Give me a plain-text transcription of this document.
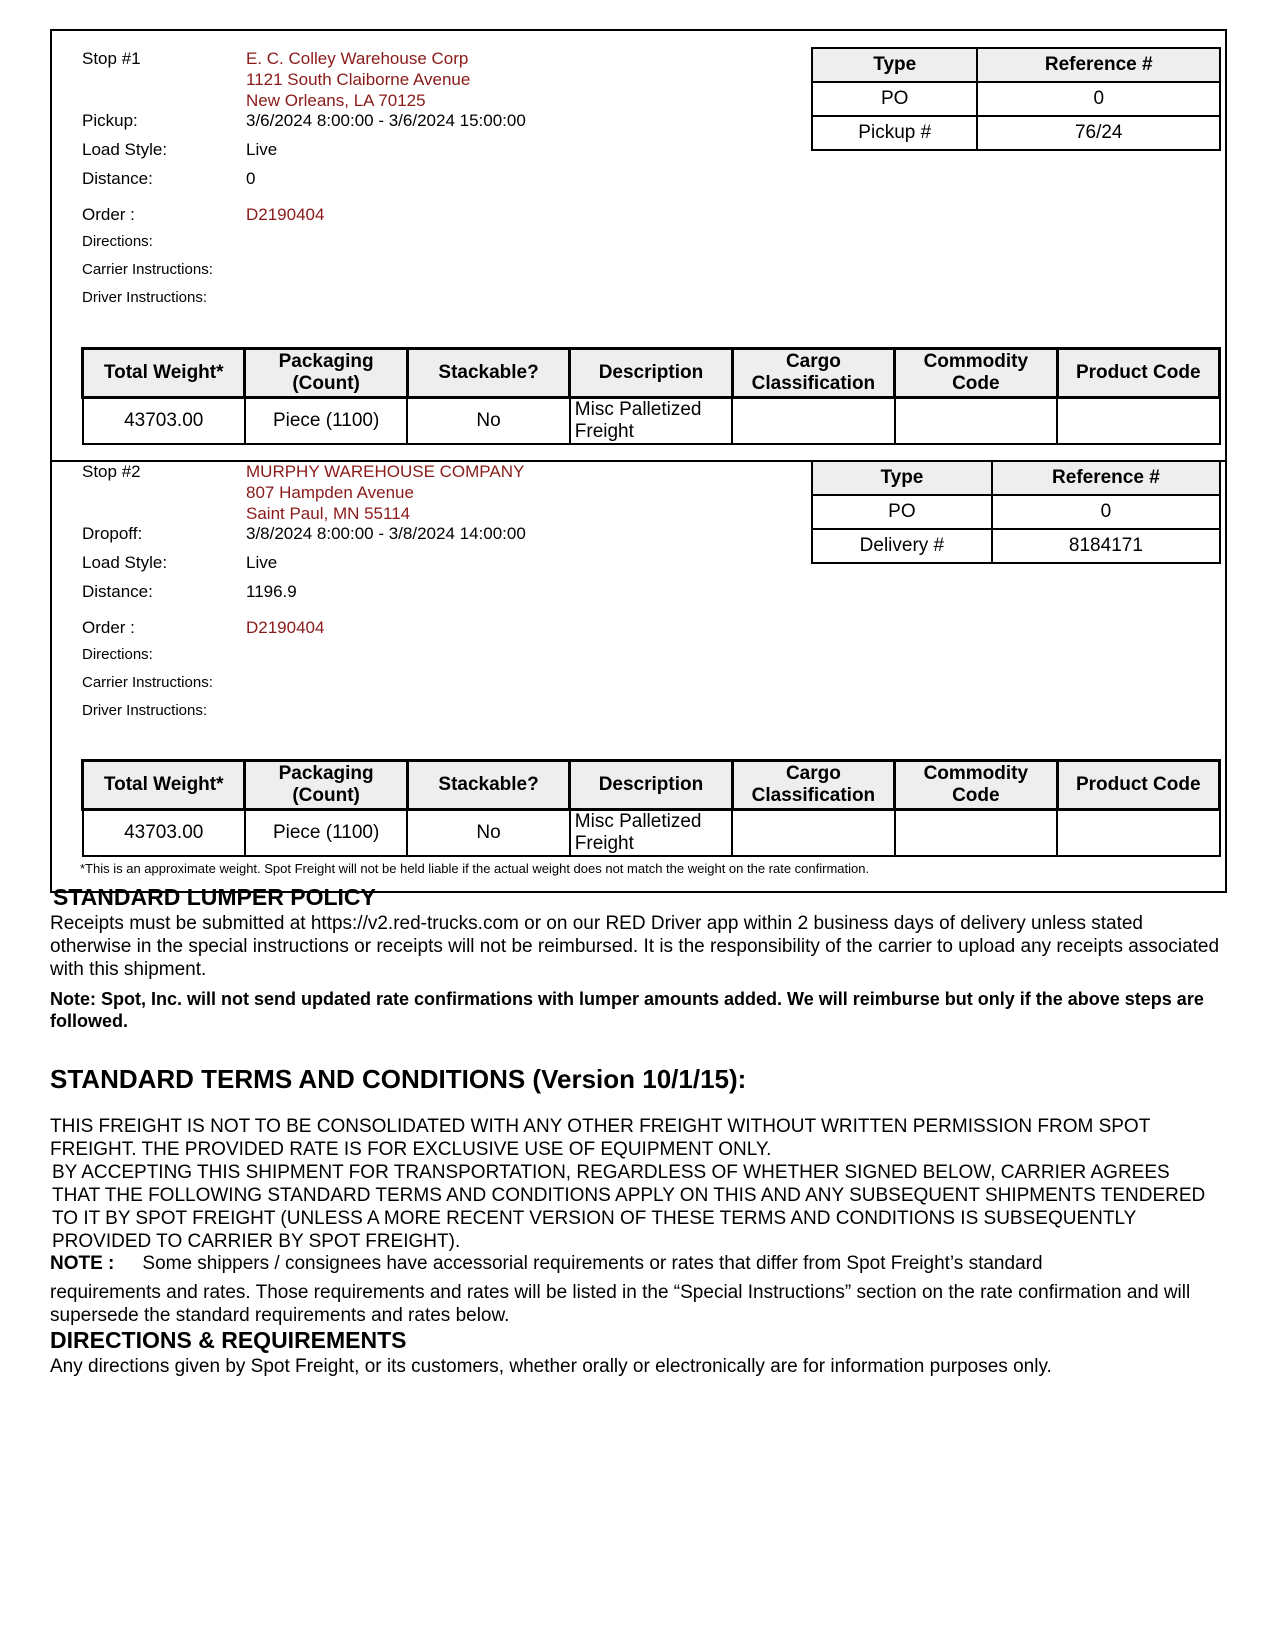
Stop #1	E. C. Colley Warehouse Corp
1121 South Claiborne Avenue
New Orleans, LA 70125
Pickup:	3/6/2024 8:00:00 - 3/6/2024 15:00:00
Load Style:	Live
Distance:	0
Order :	D2190404
Directions:
Carrier Instructions:
Driver Instructions:
Type	Reference #
PO	0
Pickup #	76/24
Total Weight*	Packaging (Count)	Stackable?	Description	Cargo Classification	Commodity Code	Product Code
43703.00	Piece (1100)	No	Misc Palletized Freight			
Stop #2	MURPHY WAREHOUSE COMPANY
807 Hampden Avenue
Saint Paul, MN 55114
Dropoff:	3/8/2024 8:00:00 - 3/8/2024 14:00:00
Load Style:	Live
Distance:	1196.9
Order :	D2190404
Directions:
Carrier Instructions:
Driver Instructions:
Type	Reference #
PO	0
Delivery #	8184171
Total Weight*	Packaging (Count)	Stackable?	Description	Cargo Classification	Commodity Code	Product Code
43703.00	Piece (1100)	No	Misc Palletized Freight			
*This is an approximate weight. Spot Freight will not be held liable if the actual weight does not match the weight on the rate confirmation.
STANDARD LUMPER POLICY
Receipts must be submitted at https://v2.red-trucks.com or on our RED Driver app within 2 business days of delivery unless stated otherwise in the special instructions or receipts will not be reimbursed. It is the responsibility of the carrier to upload any receipts associated with this shipment.
Note: Spot, Inc. will not send updated rate confirmations with lumper amounts added. We will reimburse but only if the above steps are followed.
STANDARD TERMS AND CONDITIONS (Version 10/1/15):
THIS FREIGHT IS NOT TO BE CONSOLIDATED WITH ANY OTHER FREIGHT WITHOUT WRITTEN PERMISSION FROM SPOT FREIGHT. THE PROVIDED RATE IS FOR EXCLUSIVE USE OF EQUIPMENT ONLY.
BY ACCEPTING THIS SHIPMENT FOR TRANSPORTATION, REGARDLESS OF WHETHER SIGNED BELOW, CARRIER AGREES THAT THE FOLLOWING STANDARD TERMS AND CONDITIONS APPLY ON THIS AND ANY SUBSEQUENT SHIPMENTS TENDERED TO IT BY SPOT FREIGHT (UNLESS A MORE RECENT VERSION OF THESE TERMS AND CONDITIONS IS SUBSEQUENTLY PROVIDED TO CARRIER BY SPOT FREIGHT).
NOTE : Some shippers / consignees have accessorial requirements or rates that differ from Spot Freight’s standard
requirements and rates. Those requirements and rates will be listed in the “Special Instructions” section on the rate confirmation and will supersede the standard requirements and rates below.
DIRECTIONS & REQUIREMENTS
Any directions given by Spot Freight, or its customers, whether orally or electronically are for information purposes only.
